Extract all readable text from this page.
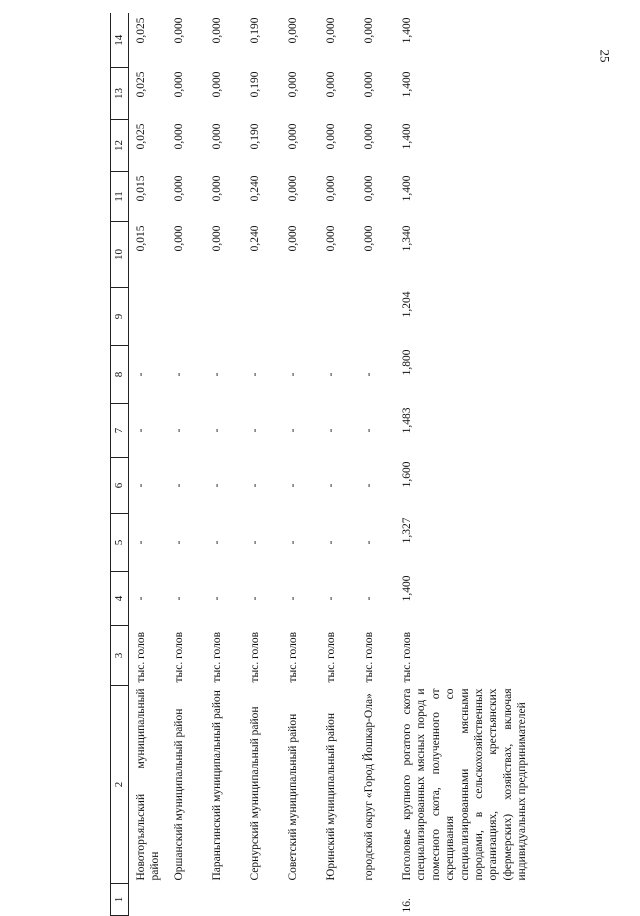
25
1	2	3	4	5	6	7	8	9	10	11	12	13	14
	Новоторъяльский муниципальный район	тыс. голов	-	-	-	-	-		0,015	0,015	0,025	0,025	0,025
	Оршанский муниципальный район	тыс. голов	-	-	-	-	-		0,000	0,000	0,000	0,000	0,000
	Параньгинский муниципальный район	тыс. голов	-	-	-	-	-		0,000	0,000	0,000	0,000	0,000
	Сернурский муниципальный район	тыс. голов	-	-	-	-	-		0,240	0,240	0,190	0,190	0,190
	Советский муниципальный район	тыс. голов	-	-	-	-	-		0,000	0,000	0,000	0,000	0,000
	Юринский муниципальный район	тыс. голов	-	-	-	-	-		0,000	0,000	0,000	0,000	0,000
	городской округ «Город Йошкар-Ола»	тыс. голов	-	-	-	-	-		0,000	0,000	0,000	0,000	0,000
16.	Поголовье крупного рогатого скота специализированных мясных пород и помесного скота, полученного от скрещивания со специализированными мясными породами, в сельскохозяйственных организациях, крестьянских (фермерских) хозяйствах, включая индивидуальных предпринимателей	тыс. голов	1,400	1,327	1,600	1,483	1,800	1,204	1,340	1,400	1,400	1,400	1,400
